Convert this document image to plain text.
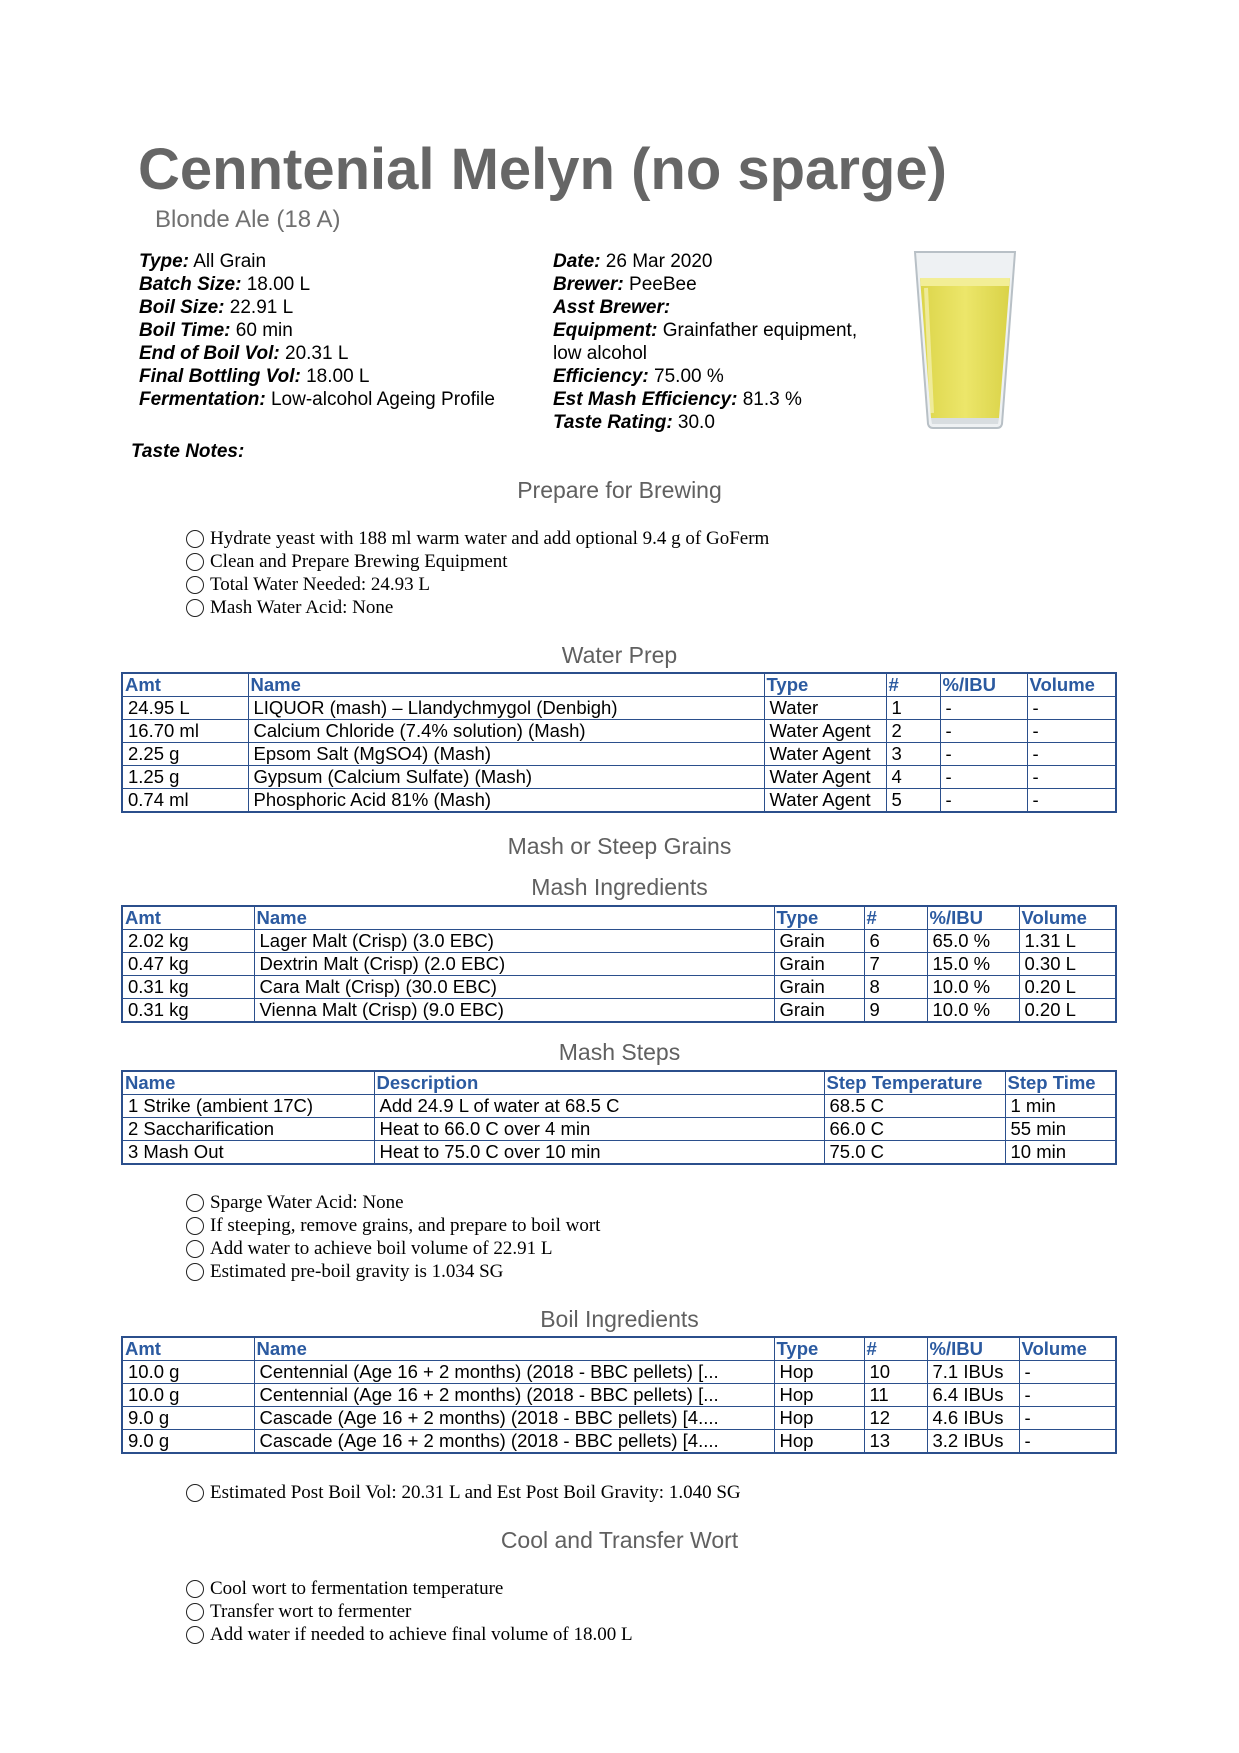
Cenntenial Melyn (no sparge)
Blonde Ale (18 A)
Type: All Grain
Batch Size: 18.00 L
Boil Size: 22.91 L
Boil Time: 60 min
End of Boil Vol: 20.31 L
Final Bottling Vol: 18.00 L
Fermentation: Low-alcohol Ageing Profile
Date: 26 Mar 2020
Brewer: PeeBee
Asst Brewer:
Equipment: Grainfather equipment,
low alcohol
Efficiency: 75.00 %
Est Mash Efficiency: 81.3 %
Taste Rating: 30.0
Taste Notes:
Prepare for Brewing
Hydrate yeast with 188 ml warm water and add optional 9.4 g of GoFerm
Clean and Prepare Brewing Equipment
Total Water Needed: 24.93 L
Mash Water Acid: None
Water Prep
Amt	Name	Type	#	%/IBU	Volume
24.95 L	LIQUOR (mash) – Llandychmygol (Denbigh)	Water	1	-	-
16.70 ml	Calcium Chloride (7.4% solution) (Mash)	Water Agent	2	-	-
2.25 g	Epsom Salt (MgSO4) (Mash)	Water Agent	3	-	-
1.25 g	Gypsum (Calcium Sulfate) (Mash)	Water Agent	4	-	-
0.74 ml	Phosphoric Acid 81% (Mash)	Water Agent	5	-	-
Mash or Steep Grains
Mash Ingredients
Amt	Name	Type	#	%/IBU	Volume
2.02 kg	Lager Malt (Crisp) (3.0 EBC)	Grain	6	65.0 %	1.31 L
0.47 kg	Dextrin Malt (Crisp) (2.0 EBC)	Grain	7	15.0 %	0.30 L
0.31 kg	Cara Malt (Crisp) (30.0 EBC)	Grain	8	10.0 %	0.20 L
0.31 kg	Vienna Malt (Crisp) (9.0 EBC)	Grain	9	10.0 %	0.20 L
Mash Steps
Name	Description	Step Temperature	Step Time
1 Strike (ambient 17C)	Add 24.9 L of water at 68.5 C	68.5 C	1 min
2 Saccharification	Heat to 66.0 C over 4 min	66.0 C	55 min
3 Mash Out	Heat to 75.0 C over 10 min	75.0 C	10 min
Sparge Water Acid: None
If steeping, remove grains, and prepare to boil wort
Add water to achieve boil volume of 22.91 L
Estimated pre-boil gravity is 1.034 SG
Boil Ingredients
Amt	Name	Type	#	%/IBU	Volume
10.0 g	Centennial (Age 16 + 2 months) (2018 - BBC pellets) [...	Hop	10	7.1 IBUs	-
10.0 g	Centennial (Age 16 + 2 months) (2018 - BBC pellets) [...	Hop	11	6.4 IBUs	-
9.0 g	Cascade (Age 16 + 2 months) (2018 - BBC pellets) [4....	Hop	12	4.6 IBUs	-
9.0 g	Cascade (Age 16 + 2 months) (2018 - BBC pellets) [4....	Hop	13	3.2 IBUs	-
Estimated Post Boil Vol: 20.31 L and Est Post Boil Gravity: 1.040 SG
Cool and Transfer Wort
Cool wort to fermentation temperature
Transfer wort to fermenter
Add water if needed to achieve final volume of 18.00 L
